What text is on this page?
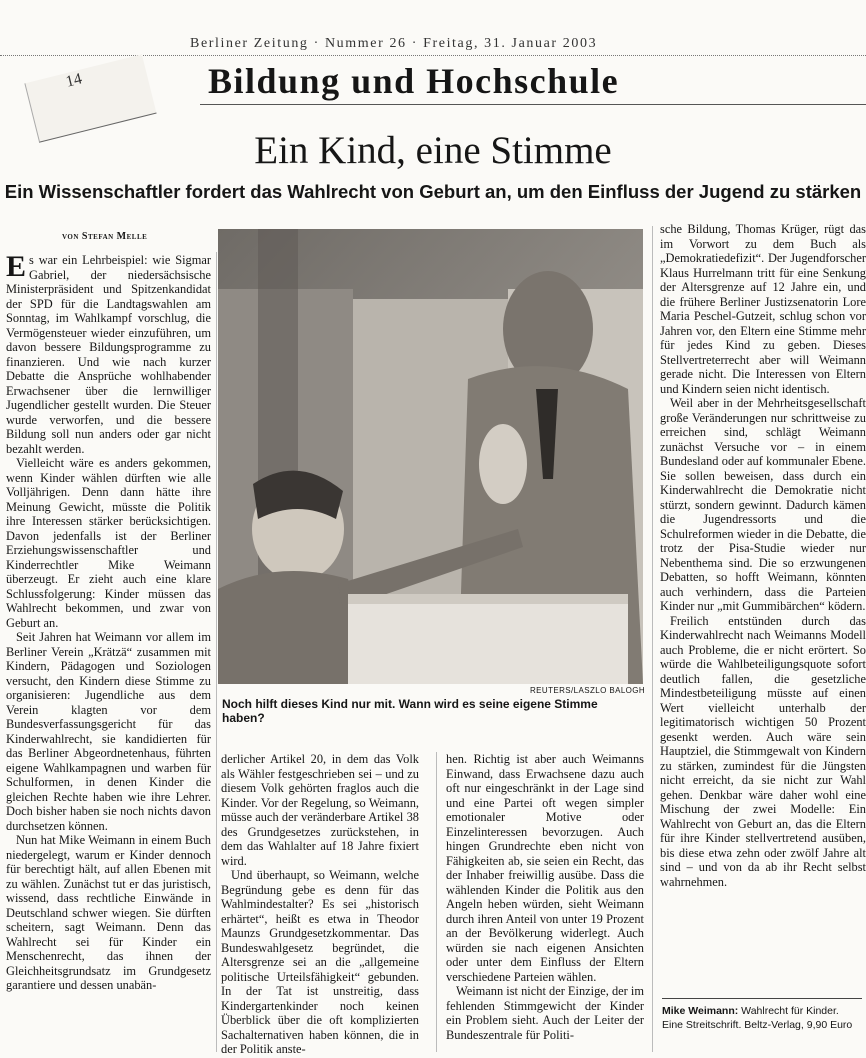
Berliner Zeitung · Nummer 26 · Freitag, 31. Januar 2003
14	Bildung und Hochschule
Ein Kind, eine Stimme
Ein Wissenschaftler fordert das Wahlrecht von Geburt an, um den Einfluss der Jugend zu stärken
von Stefan Melle

Es war ein Lehrbeispiel: wie Sigmar Gabriel, der niedersächsische Ministerpräsident und Spitzenkandidat der SPD für die Landtagswahlen am Sonntag, im Wahlkampf vorschlug, die Vermögensteuer wieder einzuführen, um davon bessere Bildungsprogramme zu finanzieren. Und wie nach kurzer Debatte die Ansprüche wohlhabender Erwachsener über die lernwilliger Jugendlicher gestellt wurden. Die Steuer wurde verworfen, und die bessere Bildung soll nun anders oder gar nicht bezahlt werden.

Vielleicht wäre es anders gekommen, wenn Kinder wählen dürften wie alle Volljährigen. Denn dann hätte ihre Meinung Gewicht, müsste die Politik ihre Interessen stärker berücksichtigen. Davon jedenfalls ist der Berliner Erziehungswissenschaftler und Kinderrechtler Mike Weimann überzeugt. Er zieht auch eine klare Schlussfolgerung: Kinder müssen das Wahlrecht bekommen, und zwar von Geburt an.

Seit Jahren hat Weimann vor allem im Berliner Verein „Krätzä“ zusammen mit Kindern, Pädagogen und Soziologen versucht, den Kindern diese Stimme zu organisieren: Jugendliche aus dem Verein klagten vor dem Bundesverfassungsgericht für das Kinderwahlrecht, sie kandidierten für das Berliner Abgeordnetenhaus, führten eigene Wahlkampagnen und warben für Schulformen, in denen Kinder die gleichen Rechte haben wie ihre Lehrer. Doch bisher haben sie noch nichts davon durchsetzen können.

Nun hat Mike Weimann in einem Buch niedergelegt, warum er Kinder dennoch für berechtigt hält, auf allen Ebenen mit zu wählen. Zunächst tut er das juristisch, wissend, dass rechtliche Einwände in Deutschland schwer wiegen. Sie dürften scheitern, sagt Weimann. Denn das Wahlrecht sei für Kinder ein Menschenrecht, das ihnen der Gleichheitsgrundsatz im Grundgesetz garantiere und dessen unabän-

REUTERS/LASZLO BALOGH
Noch hilft dieses Kind nur mit. Wann wird es seine eigene Stimme haben?

derlicher Artikel 20, in dem das Volk als Wähler festgeschrieben sei – und zu diesem Volk gehörten fraglos auch die Kinder. Vor der Regelung, so Weimann, müsse auch der veränderbare Artikel 38 des Grundgesetzes zurückstehen, in dem das Wahlalter auf 18 Jahre fixiert wird.

Und überhaupt, so Weimann, welche Begründung gebe es denn für das Wahlmindestalter? Es sei „historisch erhärtet“, heißt es etwa in Theodor Maunzs Grundgesetzkommentar. Das Bundeswahlgesetz begründet, die Altersgrenze sei an die „allgemeine politische Urteilsfähigkeit“ gebunden. In der Tat ist unstreitig, dass Kindergartenkinder noch keinen Überblick über die oft komplizierten Sachalternativen haben können, die in der Politik anste-

hen. Richtig ist aber auch Weimanns Einwand, dass Erwachsene dazu auch oft nur eingeschränkt in der Lage sind und eine Partei oft wegen simpler emotionaler Motive oder Einzelinteressen bevorzugen. Auch hingen Grundrechte eben nicht von Fähigkeiten ab, sie seien ein Recht, das der Inhaber freiwillig ausübe. Dass die wählenden Kinder die Politik aus den Angeln heben würden, sieht Weimann durch ihren Anteil von unter 19 Prozent an der Bevölkerung widerlegt. Auch würden sie nach eigenen Ansichten oder unter dem Einfluss der Eltern verschiedene Parteien wählen.

Weimann ist nicht der Einzige, der im fehlenden Stimmgewicht der Kinder ein Problem sieht. Auch der Leiter der Bundeszentrale für Politi-

sche Bildung, Thomas Krüger, rügt das im Vorwort zu dem Buch als „Demokratiedefizit“. Der Jugendforscher Klaus Hurrelmann tritt für eine Senkung der Altersgrenze auf 12 Jahre ein, und die frühere Berliner Justizsenatorin Lore Maria Peschel-Gutzeit, schlug schon vor Jahren vor, den Eltern eine Stimme mehr für jedes Kind zu geben. Dieses Stellvertreterrecht aber will Weimann gerade nicht. Die Interessen von Eltern und Kindern seien nicht identisch.

Weil aber in der Mehrheitsgesellschaft große Veränderungen nur schrittweise zu erreichen sind, schlägt Weimann zunächst Versuche vor – in einem Bundesland oder auf kommunaler Ebene. Sie sollen beweisen, dass durch ein Kinderwahlrecht die Demokratie nicht stürzt, sondern gewinnt. Dadurch kämen die Jugendressorts und die Schulreformen wieder in die Debatte, die trotz der Pisa-Studie wieder nur Nebenthema sind. Die so erzwungenen Debatten, so hofft Weimann, könnten auch verhindern, dass die Parteien Kinder nur „mit Gummibärchen“ ködern.

Freilich entstünden durch das Kinderwahlrecht nach Weimanns Modell auch Probleme, die er nicht erörtert. So würde die Wahlbeteiligungsquote sofort deutlich fallen, die gesetzliche Mindestbeteiligung müsste auf einen Wert vielleicht unterhalb der legitimatorisch wichtigen 50 Prozent gesenkt werden. Auch wäre sein Hauptziel, die Stimmgewalt von Kindern zu stärken, zumindest für die Jüngsten nicht erreicht, da sie nicht zur Wahl gehen. Denkbar wäre daher wohl eine Mischung der zwei Modelle: Ein Wahlrecht von Geburt an, das die Eltern für ihre Kinder stellvertretend ausüben, bis diese etwa zehn oder zwölf Jahre alt sind – und von da ab ihr Recht selbst wahrnehmen.

Mike Weimann: Wahlrecht für Kinder.
Eine Streitschrift. Beltz-Verlag, 9,90 Euro
